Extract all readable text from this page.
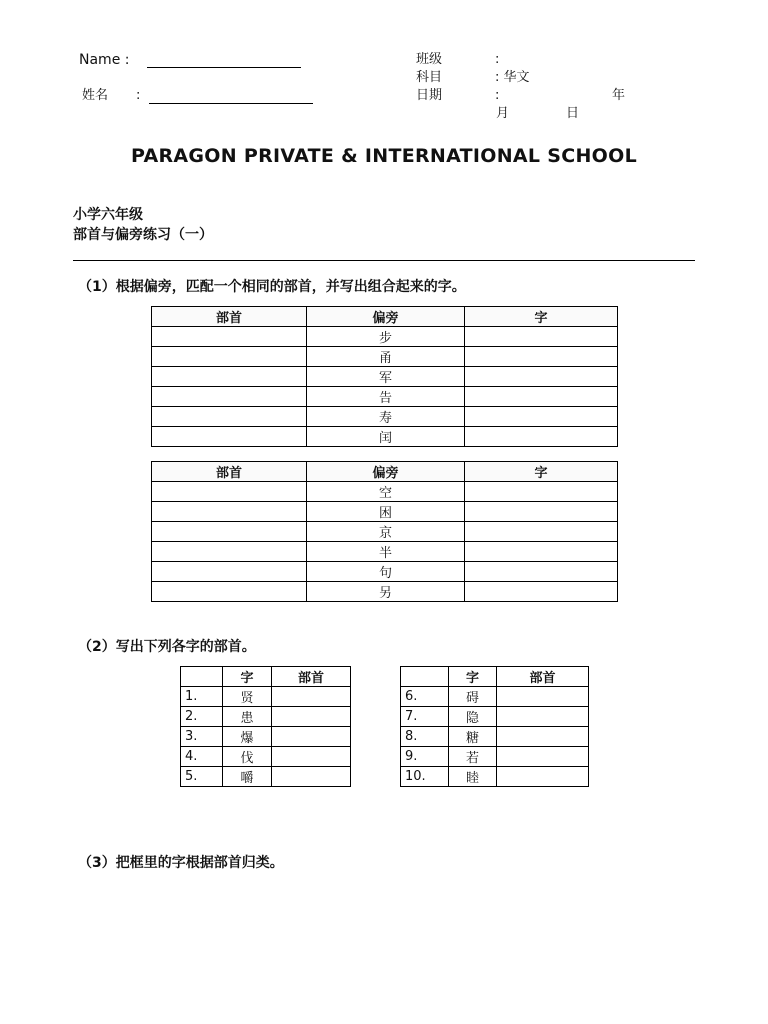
Name :
姓名 :
班级	:
科目	: 华文
日期	:	年
月	日
PARAGON PRIVATE & INTERNATIONAL SCHOOL
小学六年级
部首与偏旁练习（一）
（1）根据偏旁，匹配一个相同的部首，并写出组合起来的字。
部首	偏旁	字
	步	
	甬	
	军	
	告	
	寿	
	闰	
部首	偏旁	字
	空	
	困	
	京	
	半	
	句	
	另	
（2）写出下列各字的部首。
	字	部首
1.	贤	
2.	患	
3.	爆	
4.	伐	
5.	嚼	
	字	部首
6.	碍	
7.	隐	
8.	糖	
9.	若	
10.	睦	
（3）把框里的字根据部首归类。
